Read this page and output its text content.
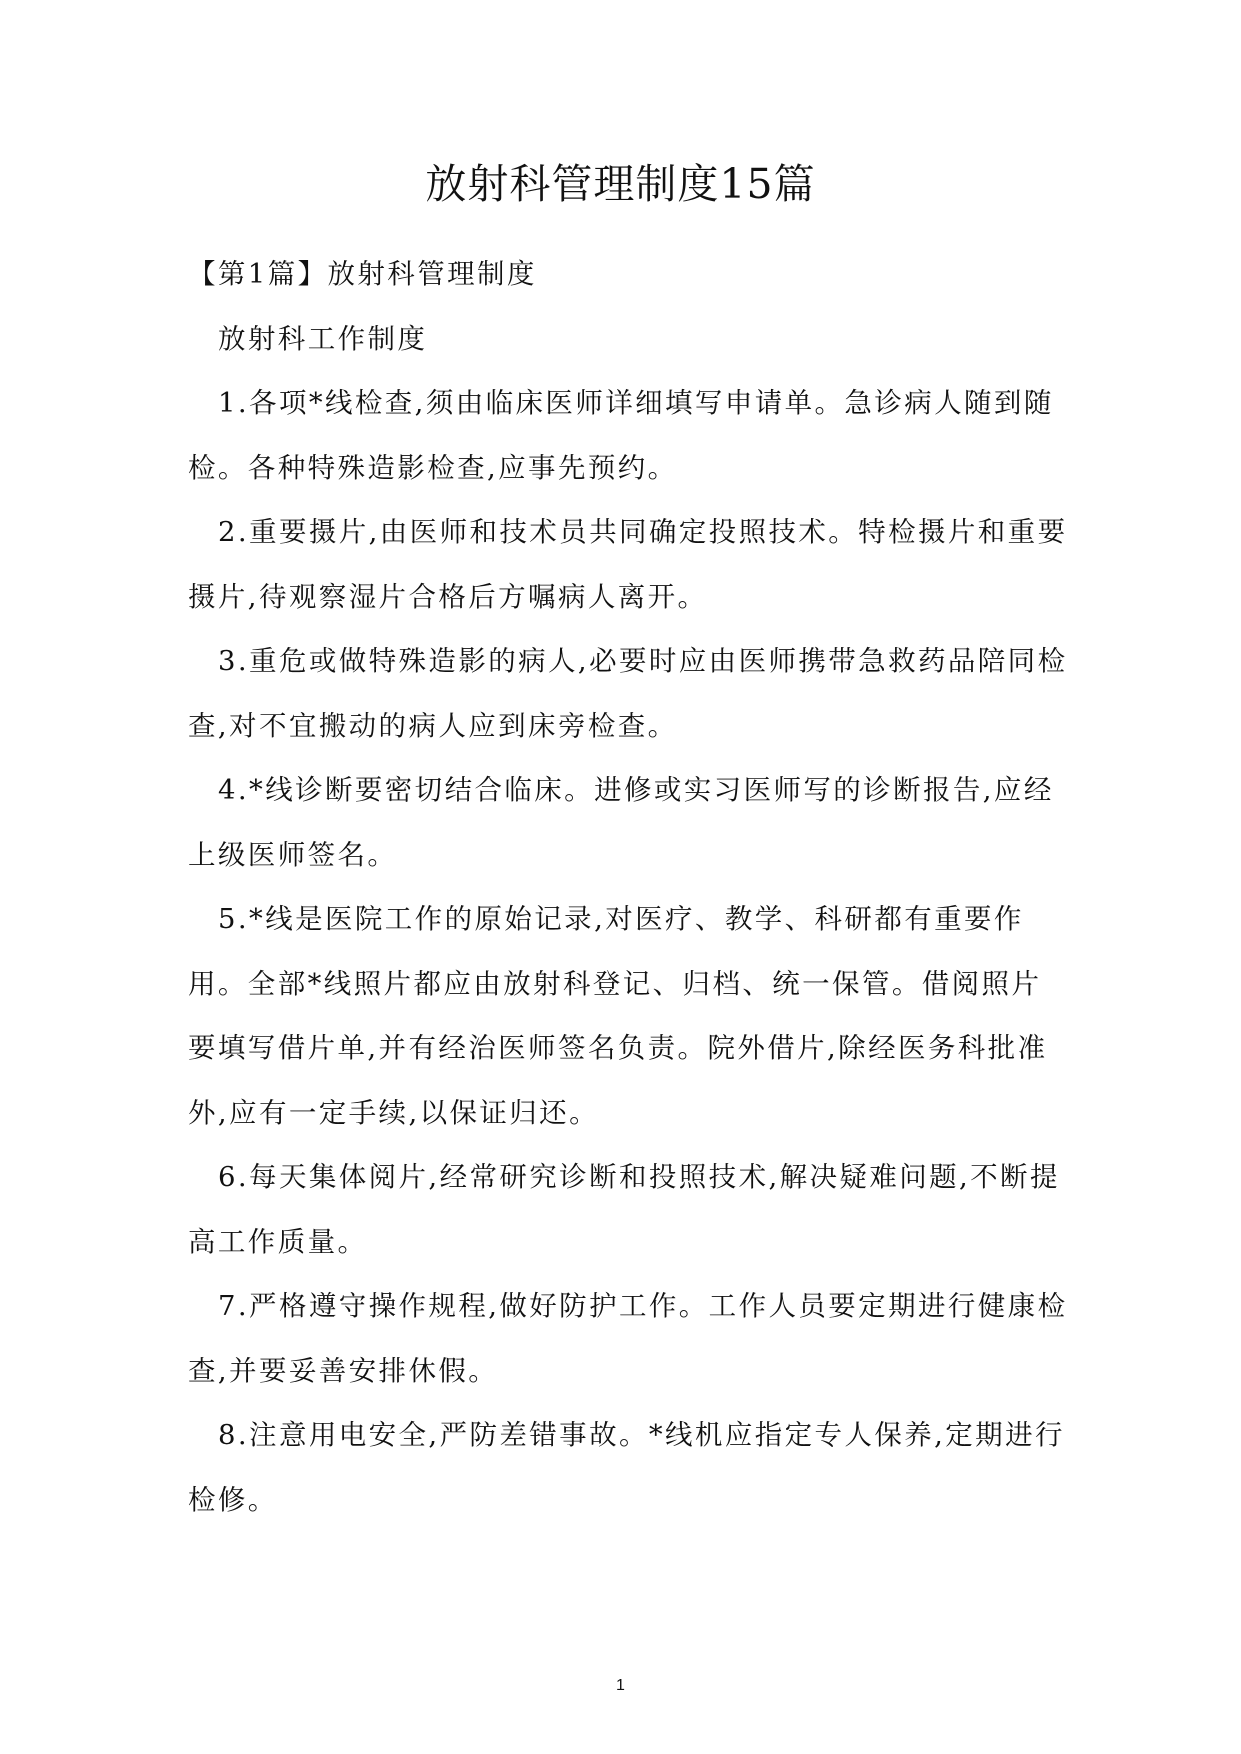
放射科管理制度15篇

【第1篇】放射科管理制度

放射科工作制度

1.各项*线检查,须由临床医师详细填写申请单。急诊病人随到随检。各种特殊造影检查,应事先预约。

2.重要摄片,由医师和技术员共同确定投照技术。特检摄片和重要摄片,待观察湿片合格后方嘱病人离开。

3.重危或做特殊造影的病人,必要时应由医师携带急救药品陪同检查,对不宜搬动的病人应到床旁检查。

4.*线诊断要密切结合临床。进修或实习医师写的诊断报告,应经上级医师签名。

5.*线是医院工作的原始记录,对医疗、教学、科研都有重要作用。全部*线照片都应由放射科登记、归档、统一保管。借阅照片要填写借片单,并有经治医师签名负责。院外借片,除经医务科批准外,应有一定手续,以保证归还。

6.每天集体阅片,经常研究诊断和投照技术,解决疑难问题,不断提高工作质量。

7.严格遵守操作规程,做好防护工作。工作人员要定期进行健康检查,并要妥善安排休假。

8.注意用电安全,严防差错事故。*线机应指定专人保养,定期进行检修。

1
